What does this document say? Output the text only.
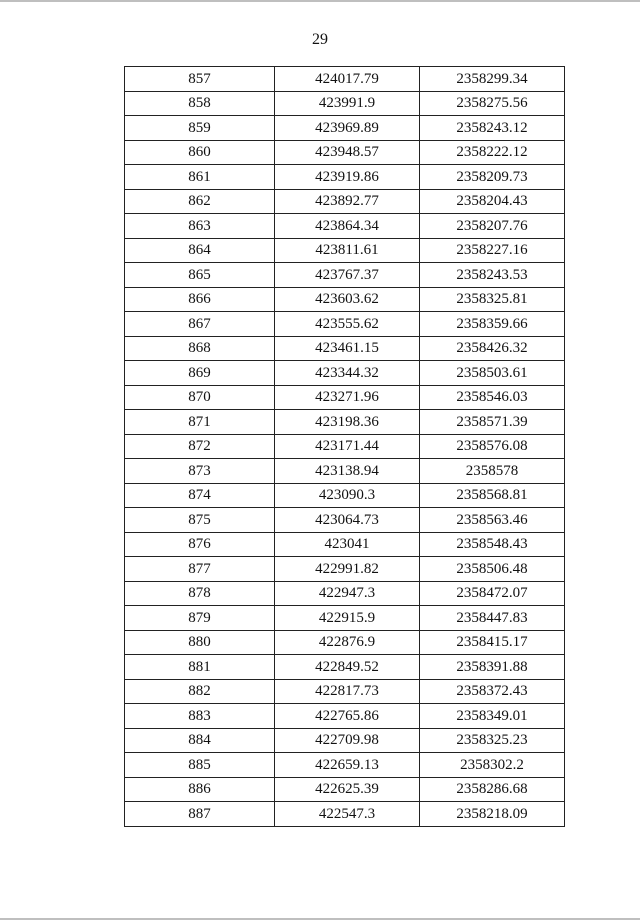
29
857	424017.79	2358299.34
858	423991.9	2358275.56
859	423969.89	2358243.12
860	423948.57	2358222.12
861	423919.86	2358209.73
862	423892.77	2358204.43
863	423864.34	2358207.76
864	423811.61	2358227.16
865	423767.37	2358243.53
866	423603.62	2358325.81
867	423555.62	2358359.66
868	423461.15	2358426.32
869	423344.32	2358503.61
870	423271.96	2358546.03
871	423198.36	2358571.39
872	423171.44	2358576.08
873	423138.94	2358578
874	423090.3	2358568.81
875	423064.73	2358563.46
876	423041	2358548.43
877	422991.82	2358506.48
878	422947.3	2358472.07
879	422915.9	2358447.83
880	422876.9	2358415.17
881	422849.52	2358391.88
882	422817.73	2358372.43
883	422765.86	2358349.01
884	422709.98	2358325.23
885	422659.13	2358302.2
886	422625.39	2358286.68
887	422547.3	2358218.09
